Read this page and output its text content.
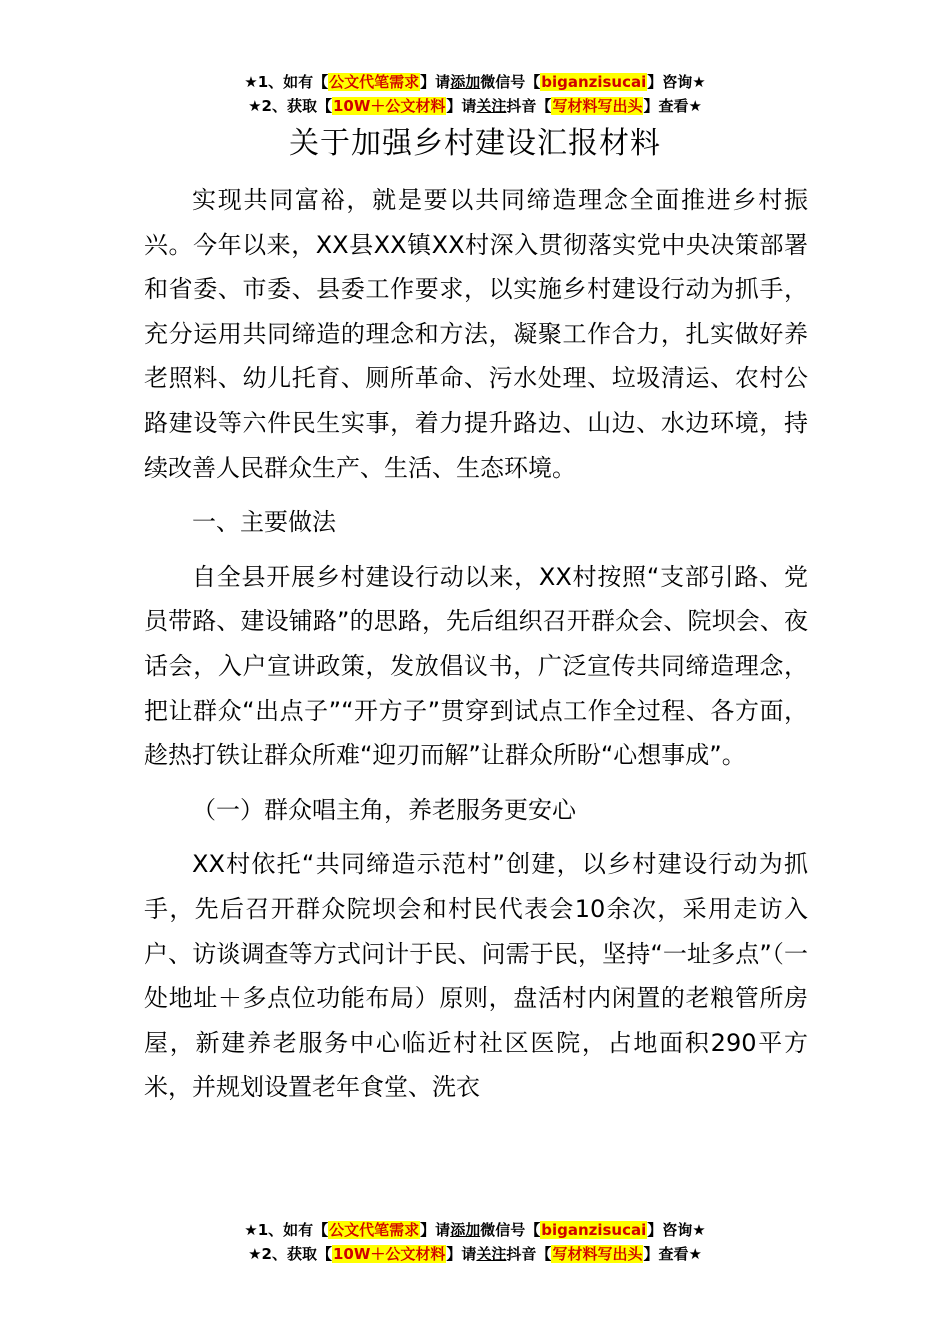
★1、如有【公文代笔需求】请添加微信号【biganzisucai】咨询★
★2、获取【10W＋公文材料】请关注抖音【写材料写出头】查看★
关于加强乡村建设汇报材料

实现共同富裕，就是要以共同缔造理念全面推进乡村振兴。今年以来，XX县XX镇XX村深入贯彻落实党中央决策部署和省委、市委、县委工作要求，以实施乡村建设行动为抓手，充分运用共同缔造的理念和方法，凝聚工作合力，扎实做好养老照料、幼儿托育、厕所革命、污水处理、垃圾清运、农村公路建设等六件民生实事，着力提升路边、山边、水边环境，持续改善人民群众生产、生活、生态环境。

一、主要做法

自全县开展乡村建设行动以来，XX村按照“支部引路、党员带路、建设铺路”的思路，先后组织召开群众会、院坝会、夜话会，入户宣讲政策，发放倡议书，广泛宣传共同缔造理念，把让群众“出点子”“开方子”贯穿到试点工作全过程、各方面，趁热打铁让群众所难“迎刃而解”让群众所盼“心想事成”。

（一）群众唱主角，养老服务更安心

XX村依托“共同缔造示范村”创建，以乡村建设行动为抓手，先后召开群众院坝会和村民代表会10余次，采用走访入户、访谈调查等方式问计于民、问需于民，坚持“一址多点”（一处地址＋多点位功能布局）原则，盘活村内闲置的老粮管所房屋，新建养老服务中心临近村社区医院，占地面积290平方米，并规划设置老年食堂、洗衣

★1、如有【公文代笔需求】请添加微信号【biganzisucai】咨询★
★2、获取【10W＋公文材料】请关注抖音【写材料写出头】查看★
